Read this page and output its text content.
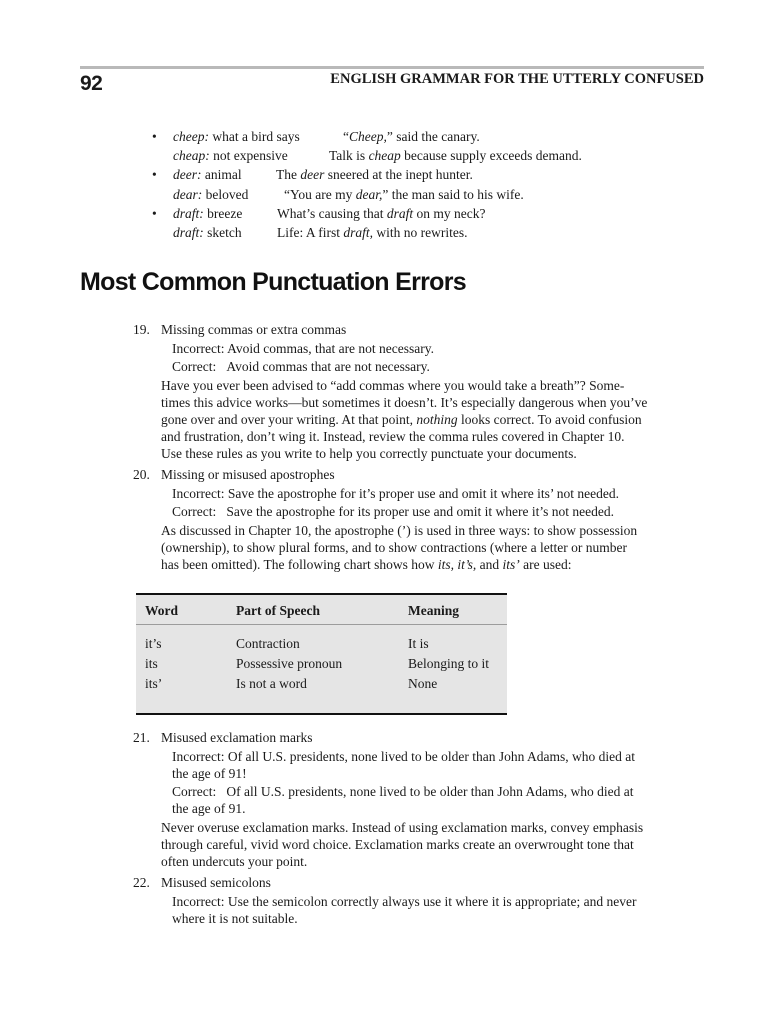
92	ENGLISH GRAMMAR FOR THE UTTERLY CONFUSED
• cheep: what a bird says	“Cheep,” said the canary.
cheap: not expensive	Talk is cheap because supply exceeds demand.
• deer: animal	The deer sneered at the inept hunter.
dear: beloved	“You are my dear,” the man said to his wife.
• draft: breeze	What’s causing that draft on my neck?
draft: sketch	Life: A first draft, with no rewrites.
Most Common Punctuation Errors
19. Missing commas or extra commas
Incorrect: Avoid commas, that are not necessary.
Correct: Avoid commas that are not necessary.
Have you ever been advised to “add commas where you would take a breath”? Some-
times this advice works—but sometimes it doesn’t. It’s especially dangerous when you’ve
gone over and over your writing. At that point, nothing looks correct. To avoid confusion
and frustration, don’t wing it. Instead, review the comma rules covered in Chapter 10.
Use these rules as you write to help you correctly punctuate your documents.
20. Missing or misused apostrophes
Incorrect: Save the apostrophe for it’s proper use and omit it where its’ not needed.
Correct: Save the apostrophe for its proper use and omit it where it’s not needed.
As discussed in Chapter 10, the apostrophe (’) is used in three ways: to show possession
(ownership), to show plural forms, and to show contractions (where a letter or number
has been omitted). The following chart shows how its, it’s, and its’ are used:
Word	Part of Speech	Meaning
it’s	Contraction	It is
its	Possessive pronoun	Belonging to it
its’	Is not a word	None
21. Misused exclamation marks
Incorrect: Of all U.S. presidents, none lived to be older than John Adams, who died at
the age of 91!
Correct: Of all U.S. presidents, none lived to be older than John Adams, who died at
the age of 91.
Never overuse exclamation marks. Instead of using exclamation marks, convey emphasis
through careful, vivid word choice. Exclamation marks create an overwrought tone that
often undercuts your point.
22. Misused semicolons
Incorrect: Use the semicolon correctly always use it where it is appropriate; and never
where it is not suitable.
